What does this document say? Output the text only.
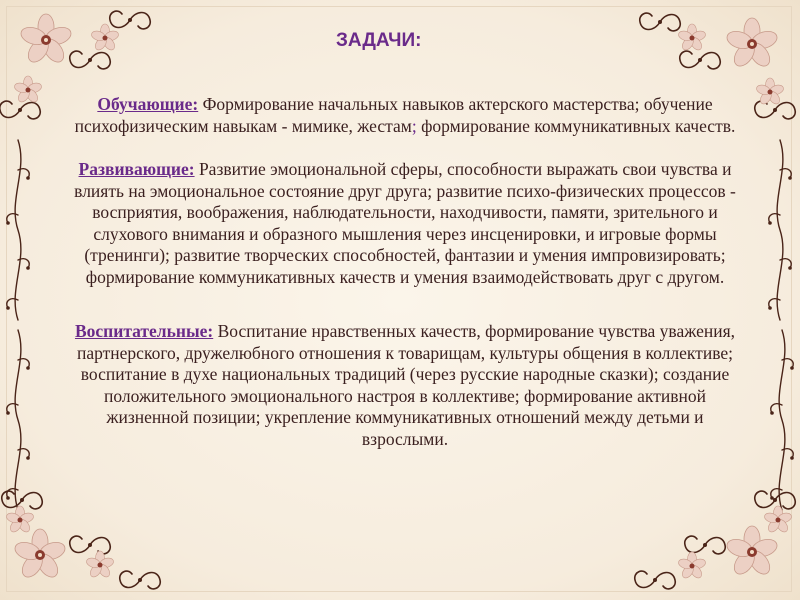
ЗАДАЧИ:

Обучающие: Формирование начальных навыков актерского мастерства; обучение психофизическим навыкам - мимике, жестам; формирование коммуникативных качеств.

Развивающие: Развитие эмоциональной сферы, способности выражать свои чувства и влиять на эмоциональное состояние друг друга; развитие психо-физических процессов - восприятия, воображения, наблюдательности, находчивости, памяти, зрительного и слухового внимания и образного мышления через инсценировки, и игровые формы (тренинги); развитие творческих способностей, фантазии и умения импровизировать; формирование коммуникативных качеств и умения взаимодействовать друг с другом.

Воспитательные: Воспитание нравственных качеств, формирование чувства уважения, партнерского, дружелюбного отношения к товарищам, культуры общения в коллективе; воспитание в духе национальных традиций (через русские народные сказки); создание положительного эмоционального настроя в коллективе; формирование активной жизненной позиции; укрепление коммуникативных отношений между детьми и взрослыми.
